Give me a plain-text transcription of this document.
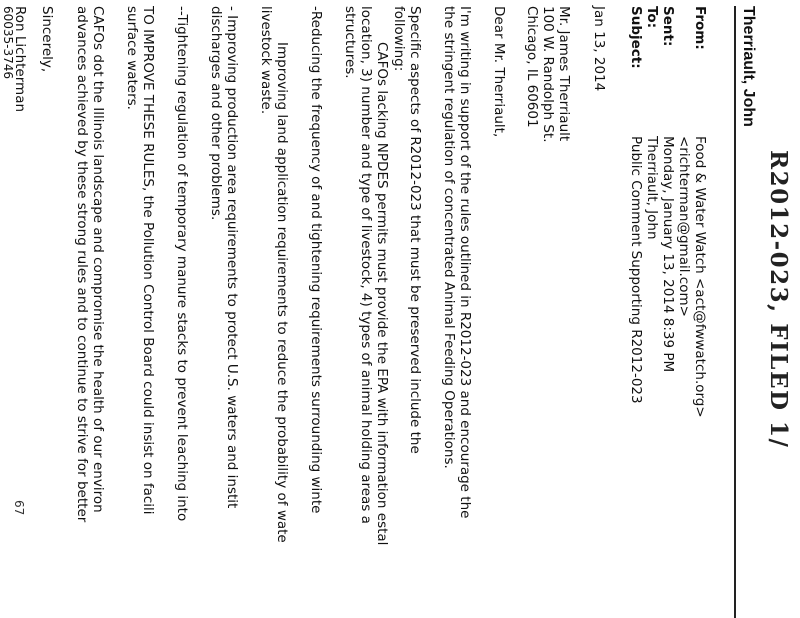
R2012-023, FILED 1/
Therriault, John
From:
Food & Water Watch <act@fwwatch.org>
<richterman@gmail.com>
Sent:
Monday, January 13, 2014 8:39 PM
To:
Therriault, John
Subject:
Public Comment Supporting R2012-023
Jan 13, 2014
Mr. James Therriault
100 W. Randolph St.
Chicago, IL 60601
Dear Mr. Therriault,
I'm writing in support of the rules outlined in R2012-023 and encourage the
the stringent regulation of concentrated Animal Feeding Operations.
Specific aspects of R2012-023 that must be preserved include the
following:
CAFOs lacking NPDES permits must provide the EPA with information estal
location, 3) number and type of livestock, 4) types of animal holding areas a
structures.
-Reducing the frequency of and tightening requirements surrounding winte
Improving land application requirements to reduce the probability of wate
livestock waste.
- Improving production area requirements to protect U.S. waters and instit
discharges and other problems.
--Tightening regulation of temporary manure stacks to prevent leaching into
TO IMPROVE THESE RULES, the Pollution Control Board could insist on facili
surface waters.
CAFOs dot the Illinois landscape and compromise the health of our environ
advances achieved by these strong rules and to continue to strive for better
Sincerely,
Ron Lichterman
60035-3746
67
